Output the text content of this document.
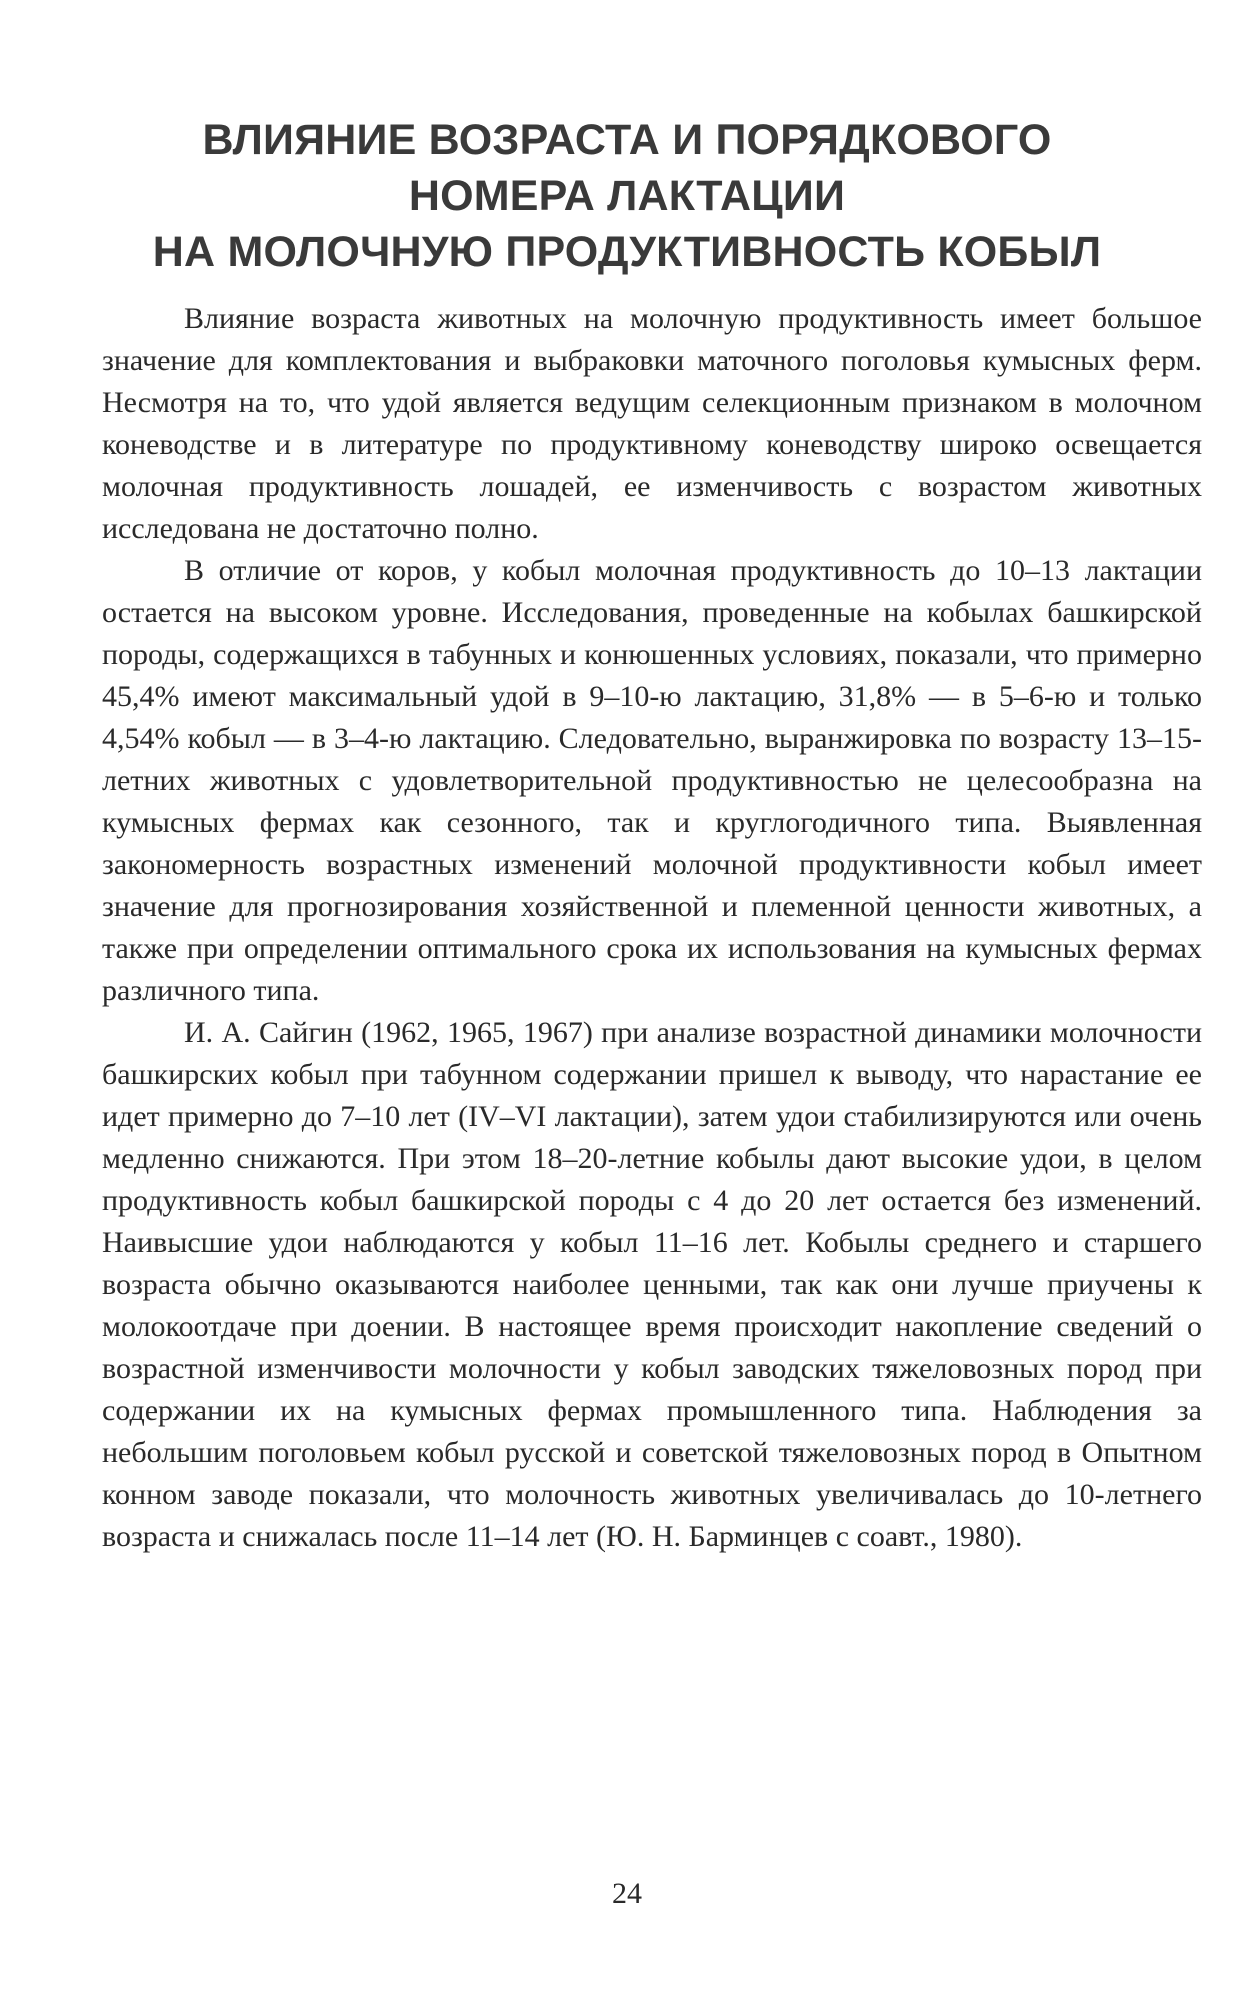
ВЛИЯНИЕ ВОЗРАСТА И ПОРЯДКОВОГО
НОМЕРА ЛАКТАЦИИ
НА МОЛОЧНУЮ ПРОДУКТИВНОСТЬ КОБЫЛ

Влияние возраста животных на молочную продуктивность имеет большое значение для комплектования и выбраковки маточного поголовья кумысных ферм. Несмотря на то, что удой является ведущим селекционным признаком в молочном коневодстве и в литературе по продуктивному коневодству широко освещается молочная продуктивность лошадей, ее изменчивость с возрастом животных исследована не достаточно полно.

В отличие от коров, у кобыл молочная продуктивность до 10–13 лактации остается на высоком уровне. Исследования, проведенные на кобылах башкирской породы, содержащихся в табунных и конюшенных условиях, показали, что примерно 45,4% имеют максимальный удой в 9–10-ю лактацию, 31,8% — в 5–6-ю и только 4,54% кобыл — в 3–4-ю лактацию. Следовательно, выранжировка по возрасту 13–15-летних животных с удовлетворительной продуктивностью не целесообразна на кумысных фермах как сезонного, так и круглогодичного типа. Выявленная закономерность возрастных изменений молочной продуктивности кобыл имеет значение для прогнозирования хозяйственной и племенной ценности животных, а также при определении оптимального срока их использования на кумысных фермах различного типа.

И. А. Сайгин (1962, 1965, 1967) при анализе возрастной динамики молочности башкирских кобыл при табунном содержании пришел к выводу, что нарастание ее идет примерно до 7–10 лет (IV–VI лактации), затем удои стабилизируются или очень медленно снижаются. При этом 18–20-летние кобылы дают высокие удои, в целом продуктивность кобыл башкирской породы с 4 до 20 лет остается без изменений. Наивысшие удои наблюдаются у кобыл 11–16 лет. Кобылы среднего и старшего возраста обычно оказываются наиболее ценными, так как они лучше приучены к молокоотдаче при доении. В настоящее время происходит накопление сведений о возрастной изменчивости молочности у кобыл заводских тяжеловозных пород при содержании их на кумысных фермах промышленного типа. Наблюдения за небольшим поголовьем кобыл русской и советской тяжеловозных пород в Опытном конном заводе показали, что молочность животных увеличивалась до 10-летнего возраста и снижалась после 11–14 лет (Ю. Н. Барминцев с соавт., 1980).

24
